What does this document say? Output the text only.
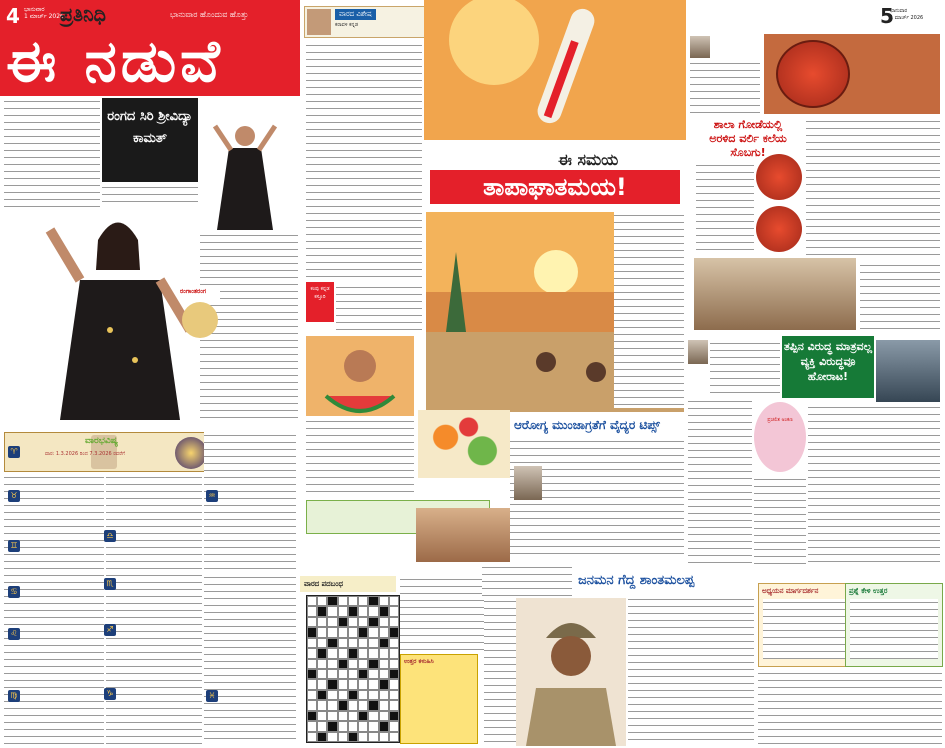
4 ಭಾನುವಾರ
1 ಮಾರ್ಚ್ 2026
ಪ್ರತಿನಿಧಿ	ಭಾನುವಾರ ಹೊಂದುವ ಹೊತ್ತು
ಈ ನಡುವೆ
ರಂಗದ ಸಿರಿ ಶ್ರೀವಿದ್ಯಾ ಕಾಮತ್
ರಂಗಾಂತರಂಗ
ವಾರಭವಿಷ್ಯ
ವಾರ: 1.3.2026 ರಿಂದ 7.3.2026 ರವರೆಗೆ
♈
♉
♊
♋
♌
♍
♎
♏
♐
♑
♒
♓
ವಾರದ ವಿಶೇಷ
ಕರಾವಳಿ ಕನ್ನಡ
ಕಂಪು ಕನ್ನಡ ಕಸ್ತೂರಿ
ಈ ಸಮಯ
ತಾಪಾಘಾತಮಯ!
ಆರೋಗ್ಯ ಮುಂಜಾಗ್ರತೆಗೆ ವೈದ್ಯರ ಟಿಪ್ಸ್
ವಾರದ ಪದಬಂಧ
ಉತ್ತರ ಕಳುಹಿಸಿ
ಜನಮನ ಗೆದ್ದ ಶಾಂತಮಲಪ್ಪ
5
ಭಾನುವಾರ
1 ಮಾರ್ಚ್ 2026
ಶಾಲಾ ಗೋಡೆಯಲ್ಲಿ ಅರಳಿದ ವರ್ಲಿ ಕಲೆಯ ಸೊಬಗು!
ತಪ್ಪಿನ ವಿರುದ್ಧ ಮಾತ್ರವಲ್ಲ ವ್ಯಕ್ತಿ ವಿರುದ್ಧವೂ ಹೋರಾಟ!
ಪ್ರಚಲಿತ ಅಂಕಣ
ಅಧ್ಯಯನ ಮಾರ್ಗದರ್ಶನ	ಪ್ರಶ್ನೆ ಕೇಳಿ ಉತ್ತರ
